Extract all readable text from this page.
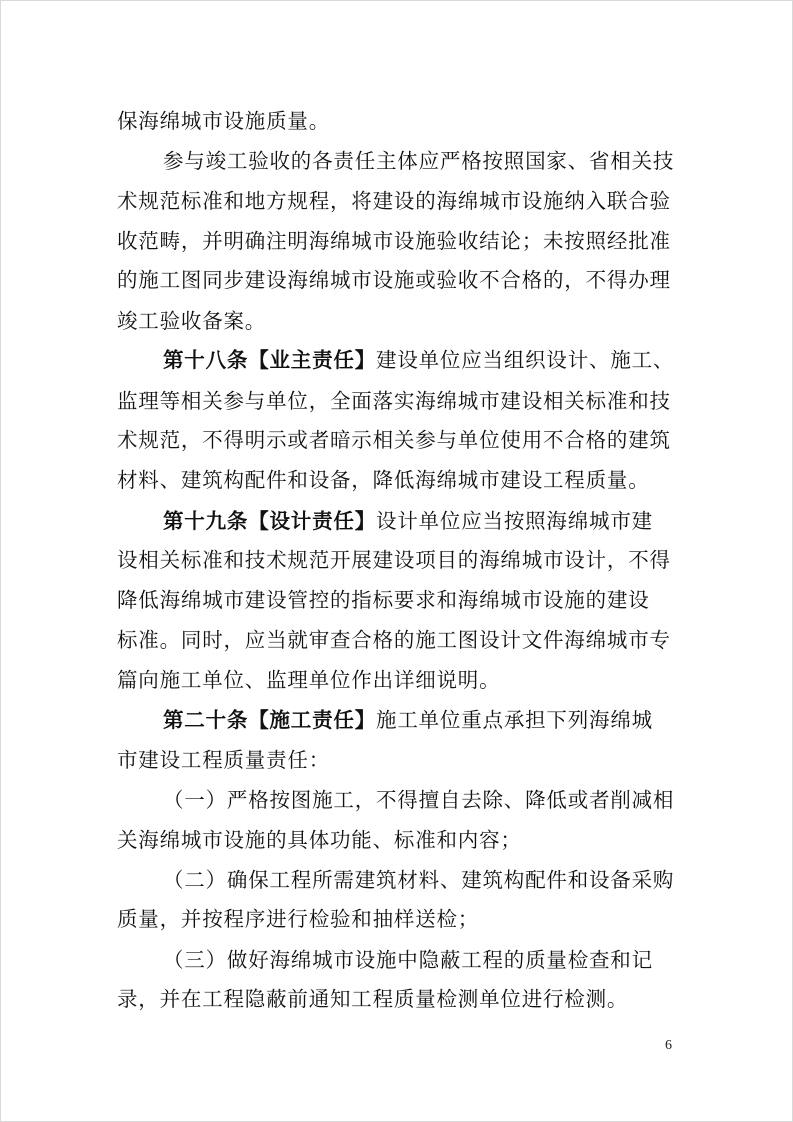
保海绵城市设施质量。
参与竣工验收的各责任主体应严格按照国家、省相关技
术规范标准和地方规程，将建设的海绵城市设施纳入联合验
收范畴，并明确注明海绵城市设施验收结论；未按照经批准
的施工图同步建设海绵城市设施或验收不合格的，不得办理
竣工验收备案。
第十八条【业主责任】建设单位应当组织设计、施工、
监理等相关参与单位，全面落实海绵城市建设相关标准和技
术规范，不得明示或者暗示相关参与单位使用不合格的建筑
材料、建筑构配件和设备，降低海绵城市建设工程质量。
第十九条【设计责任】设计单位应当按照海绵城市建
设相关标准和技术规范开展建设项目的海绵城市设计，不得
降低海绵城市建设管控的指标要求和海绵城市设施的建设
标准。同时，应当就审查合格的施工图设计文件海绵城市专
篇向施工单位、监理单位作出详细说明。
第二十条【施工责任】施工单位重点承担下列海绵城
市建设工程质量责任：
（一）严格按图施工，不得擅自去除、降低或者削减相
关海绵城市设施的具体功能、标准和内容；
（二）确保工程所需建筑材料、建筑构配件和设备采购
质量，并按程序进行检验和抽样送检；
（三）做好海绵城市设施中隐蔽工程的质量检查和记
录，并在工程隐蔽前通知工程质量检测单位进行检测。
6
